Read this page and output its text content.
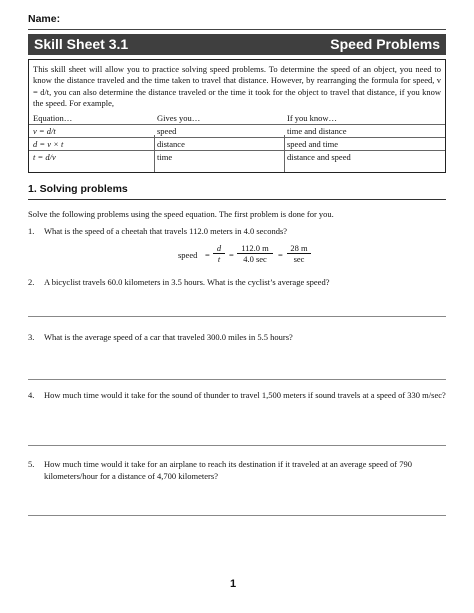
Name:
Skill Sheet 3.1	Speed Problems
This skill sheet will allow you to practice solving speed problems. To determine the speed of an object, you need to know the distance traveled and the time taken to travel that distance. However, by rearranging the formula for speed, v = d/t, you can also determine the distance traveled or the time it took for the object to travel that distance, if you know the speed. For example,
Equation…	Gives you…	If you know…
v = d/t	speed	time and distance
d = v × t	distance	speed and time
t = d/v	time	distance and speed
1. Solving problems
Solve the following problems using the speed equation. The first problem is done for you.
1. What is the speed of a cheetah that travels 112.0 meters in 4.0 seconds?
speed = $\frac{d}{t}$ =
112.0 m
4.0 sec	=
28 m
sec
2. A bicyclist travels 60.0 kilometers in 3.5 hours. What is the cyclist’s average speed?
3. What is the average speed of a car that traveled 300.0 miles in 5.5 hours?
4. How much time would it take for the sound of thunder to travel 1,500 meters if sound travels at a speed of 330 m/sec?
5. How much time would it take for an airplane to reach its destination if it traveled at an average speed of 790 kilometers/hour for a distance of 4,700 kilometers?
1
